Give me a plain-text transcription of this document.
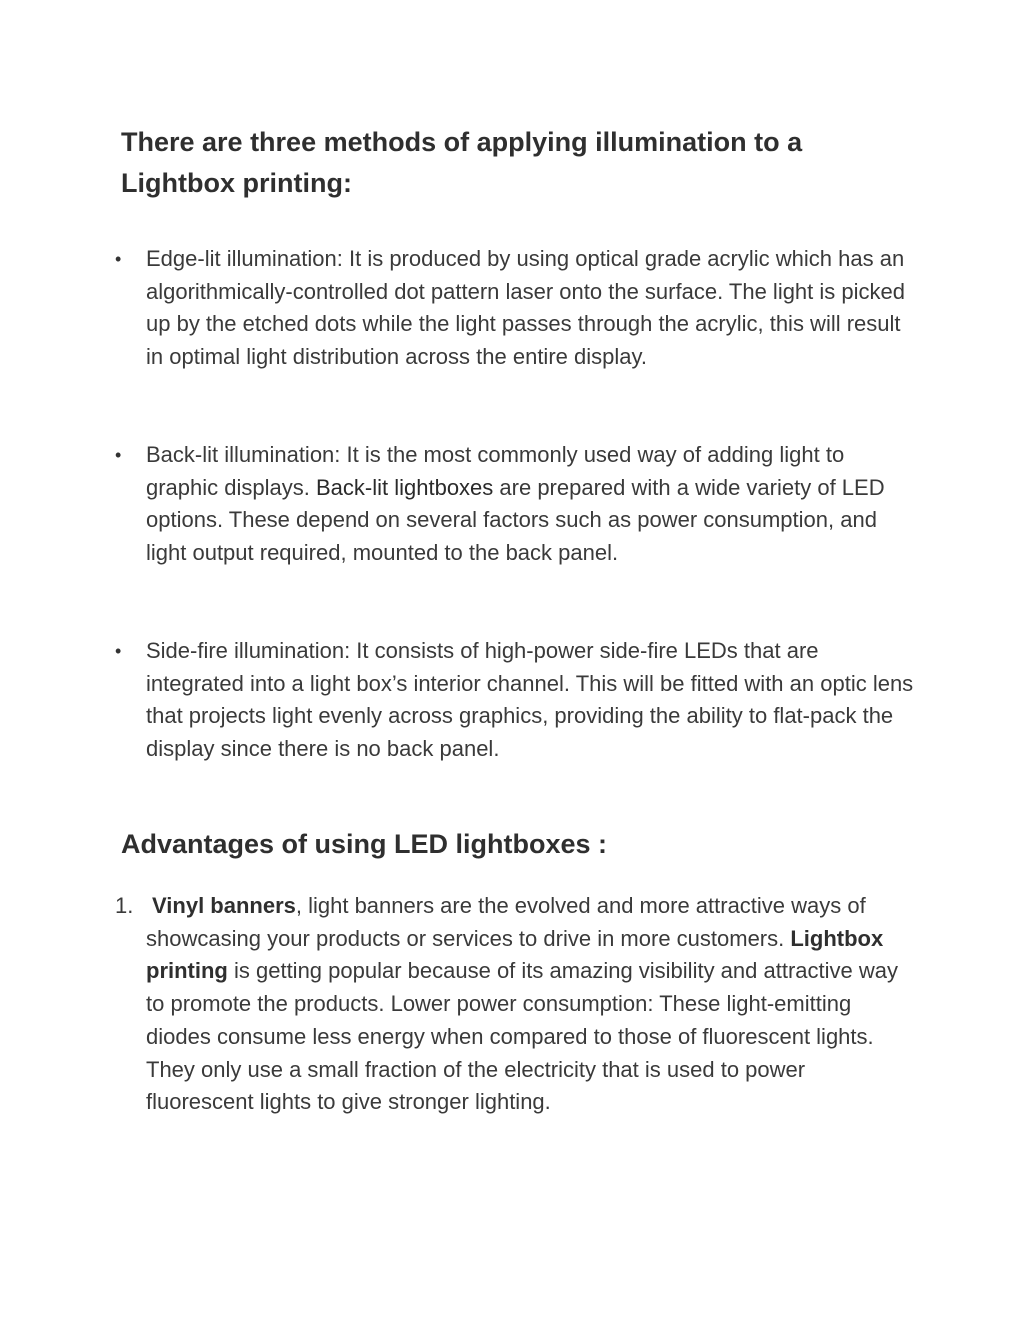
There are three methods of applying illumination to a Lightbox printing:
• Edge-lit illumination: It is produced by using optical grade acrylic which has an algorithmically-controlled dot pattern laser onto the surface. The light is picked up by the etched dots while the light passes through the acrylic, this will result in optimal light distribution across the entire display.
• Back-lit illumination: It is the most commonly used way of adding light to graphic displays. Back-lit lightboxes are prepared with a wide variety of LED options. These depend on several factors such as power consumption, and light output required, mounted to the back panel.
• Side-fire illumination: It consists of high-power side-fire LEDs that are integrated into a light box’s interior channel. This will be fitted with an optic lens that projects light evenly across graphics, providing the ability to flat-pack the display since there is no back panel.
Advantages of using LED lightboxes :
1. Vinyl banners, light banners are the evolved and more attractive ways of showcasing your products or services to drive in more customers. Lightbox printing is getting popular because of its amazing visibility and attractive way to promote the products. Lower power consumption: These light-emitting diodes consume less energy when compared to those of fluorescent lights. They only use a small fraction of the electricity that is used to power fluorescent lights to give stronger lighting.
